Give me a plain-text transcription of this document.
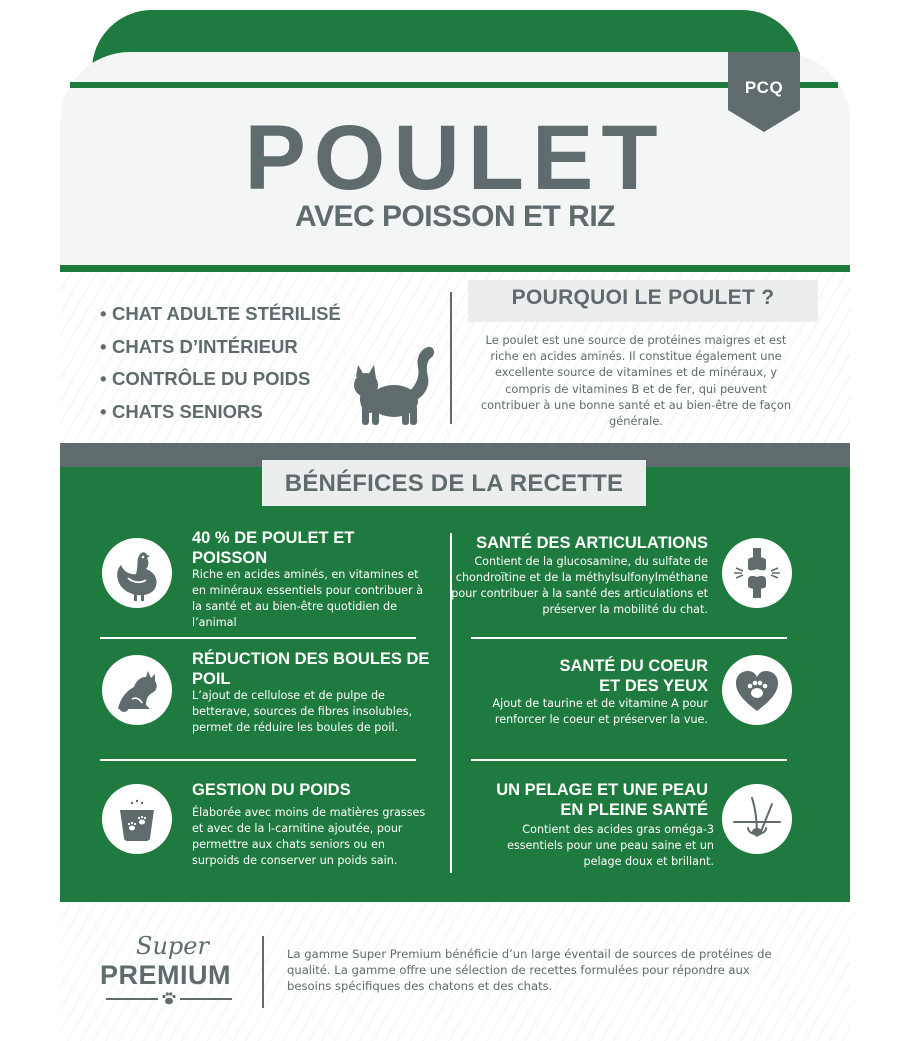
PCQ
POULET
AVEC POISSON ET RIZ
• CHAT ADULTE STÉRILISÉ
• CHATS D’INTÉRIEUR
• CONTRÔLE DU POIDS
• CHATS SENIORS
POURQUOI LE POULET ?
Le poulet est une source de protéines maigres et est riche en acides aminés. Il constitue également une excellente source de vitamines et de minéraux, y compris de vitamines B et de fer, qui peuvent contribuer à une bonne santé et au bien-être de façon générale.
BÉNÉFICES DE LA RECETTE
40 % DE POULET ET POISSON
Riche en acides aminés, en vitamines et en minéraux essentiels pour contribuer à la santé et au bien-être quotidien de l’animal
RÉDUCTION DES BOULES DE POIL
L’ajout de cellulose et de pulpe de betterave, sources de fibres insolubles, permet de réduire les boules de poil.
GESTION DU POIDS
Élaborée avec moins de matières grasses et avec de la l-carnitine ajoutée, pour permettre aux chats seniors ou en surpoids de conserver un poids sain.
SANTÉ DES ARTICULATIONS
Contient de la glucosamine, du sulfate de chondroïtine et de la méthylsulfonylméthane pour contribuer à la santé des articulations et préserver la mobilité du chat.
SANTÉ DU COEUR
ET DES YEUX
Ajout de taurine et de vitamine A pour renforcer le coeur et préserver la vue.
UN PELAGE ET UNE PEAU
EN PLEINE SANTÉ
Contient des acides gras oméga-3 essentiels pour une peau saine et un pelage doux et brillant.
Super
PREMIUM
La gamme Super Premium bénéficie d’un large éventail de sources de protéines de qualité. La gamme offre une sélection de recettes formulées pour répondre aux besoins spécifiques des chatons et des chats.
